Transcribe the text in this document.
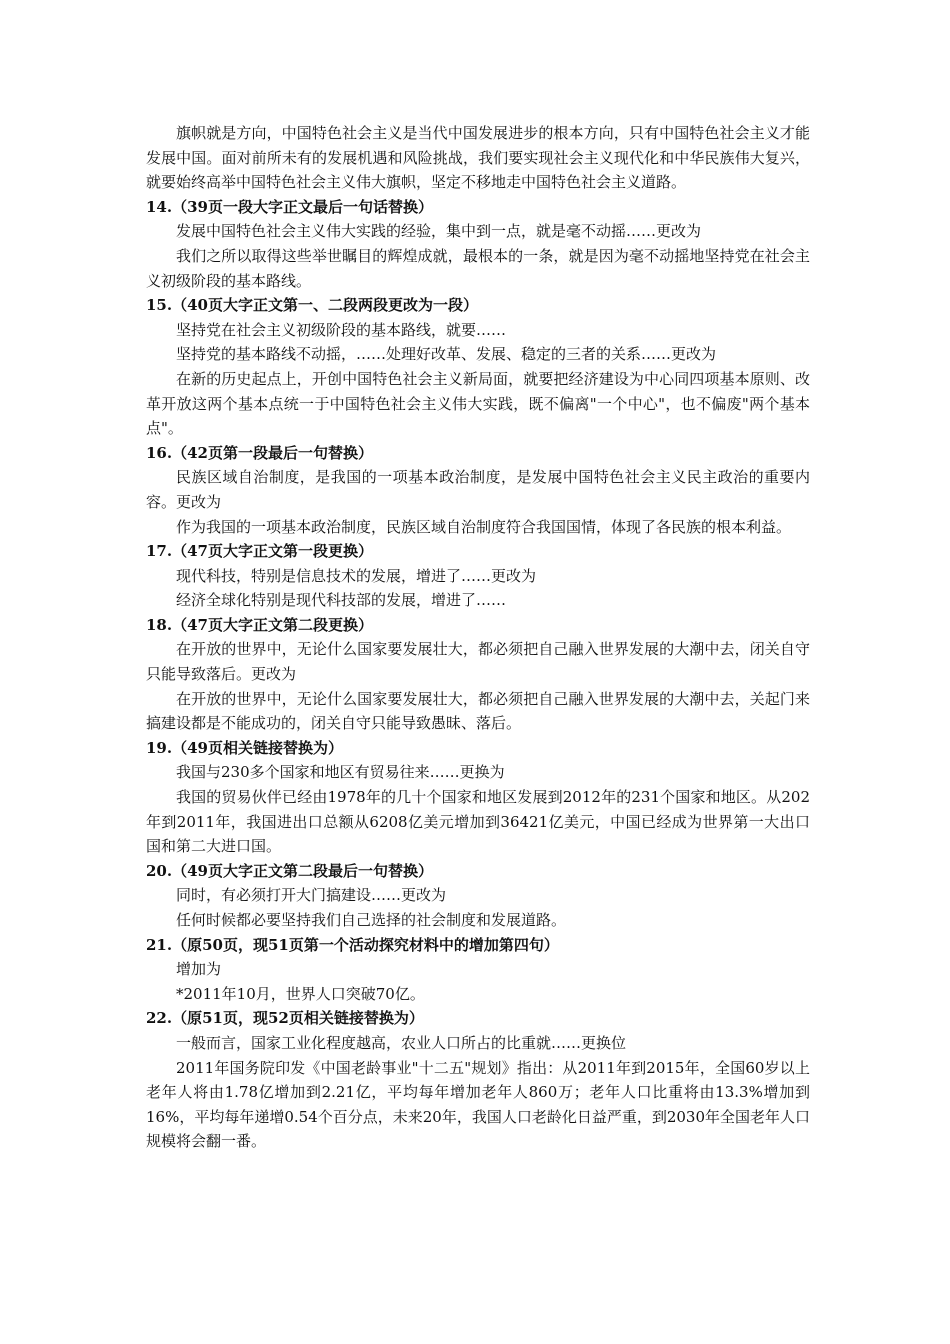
旗帜就是方向，中国特色社会主义是当代中国发展进步的根本方向，只有中国特色社会主义才能发展中国。面对前所未有的发展机遇和风险挑战，我们要实现社会主义现代化和中华民族伟大复兴，就要始终高举中国特色社会主义伟大旗帜，坚定不移地走中国特色社会主义道路。

14.（39页一段大字正文最后一句话替换）

发展中国特色社会主义伟大实践的经验，集中到一点，就是毫不动摇……更改为

我们之所以取得这些举世瞩目的辉煌成就，最根本的一条，就是因为毫不动摇地坚持党在社会主义初级阶段的基本路线。

15.（40页大字正文第一、二段两段更改为一段）

坚持党在社会主义初级阶段的基本路线，就要……

坚持党的基本路线不动摇，……处理好改革、发展、稳定的三者的关系……更改为

在新的历史起点上，开创中国特色社会主义新局面，就要把经济建设为中心同四项基本原则、改革开放这两个基本点统一于中国特色社会主义伟大实践，既不偏离"一个中心"，也不偏废"两个基本点"。

16.（42页第一段最后一句替换）

民族区域自治制度，是我国的一项基本政治制度，是发展中国特色社会主义民主政治的重要内容。更改为

作为我国的一项基本政治制度，民族区域自治制度符合我国国情，体现了各民族的根本利益。

17.（47页大字正文第一段更换）

现代科技，特别是信息技术的发展，增进了……更改为

经济全球化特别是现代科技部的发展，增进了……

18.（47页大字正文第二段更换）

在开放的世界中，无论什么国家要发展壮大，都必须把自己融入世界发展的大潮中去，闭关自守只能导致落后。更改为

在开放的世界中，无论什么国家要发展壮大，都必须把自己融入世界发展的大潮中去，关起门来搞建设都是不能成功的，闭关自守只能导致愚昧、落后。

19.（49页相关链接替换为）

我国与230多个国家和地区有贸易往来……更换为

我国的贸易伙伴已经由1978年的几十个国家和地区发展到2012年的231个国家和地区。从202年到2011年，我国进出口总额从6208亿美元增加到36421亿美元，中国已经成为世界第一大出口国和第二大进口国。

20.（49页大字正文第二段最后一句替换）

同时，有必须打开大门搞建设……更改为

任何时候都必要坚持我们自己选择的社会制度和发展道路。

21.（原50页，现51页第一个活动探究材料中的增加第四句）

增加为

*2011年10月，世界人口突破70亿。

22.（原51页，现52页相关链接替换为）

一般而言，国家工业化程度越高，农业人口所占的比重就……更换位

2011年国务院印发《中国老龄事业"十二五"规划》指出：从2011年到2015年，全国60岁以上老年人将由1.78亿增加到2.21亿，平均每年增加老年人860万；老年人口比重将由13.3%增加到16%，平均每年递增0.54个百分点，未来20年，我国人口老龄化日益严重，到2030年全国老年人口规模将会翻一番。
